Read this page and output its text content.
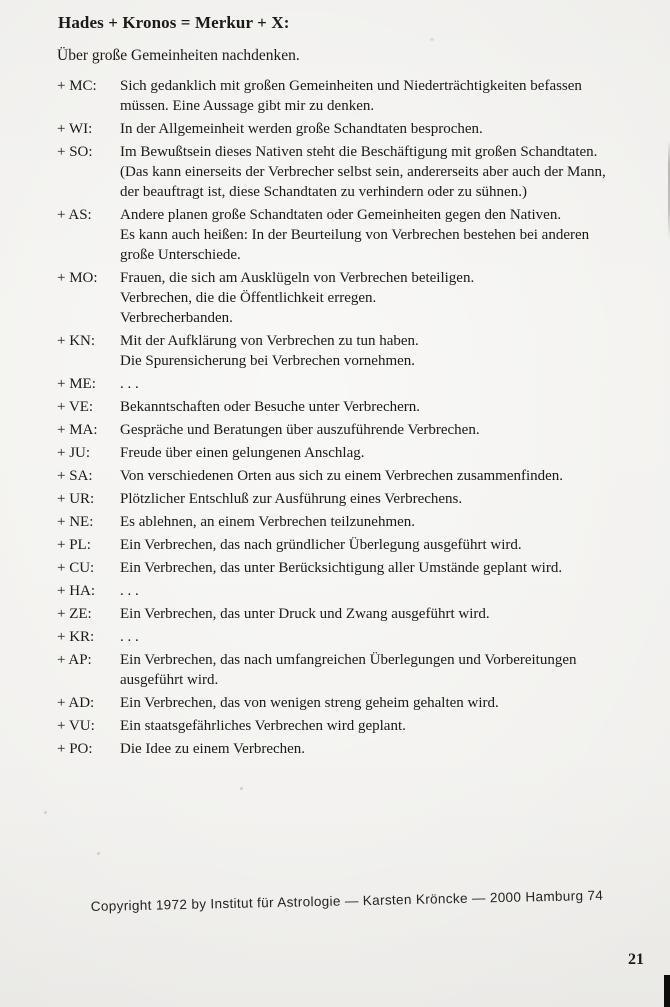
Hades + Kronos = Merkur + X:

Über große Gemeinheiten nachdenken.

+ MC:	Sich gedanklich mit großen Gemeinheiten und Niederträchtigkeiten befassen
müssen. Eine Aussage gibt mir zu denken.
+ WI:	In der Allgemeinheit werden große Schandtaten besprochen.
+ SO:	Im Bewußtsein dieses Nativen steht die Beschäftigung mit großen Schandtaten.
(Das kann einerseits der Verbrecher selbst sein, andererseits aber auch der Mann,
der beauftragt ist, diese Schandtaten zu verhindern oder zu sühnen.)
+ AS:	Andere planen große Schandtaten oder Gemeinheiten gegen den Nativen.
Es kann auch heißen: In der Beurteilung von Verbrechen bestehen bei anderen
große Unterschiede.
+ MO:	Frauen, die sich am Ausklügeln von Verbrechen beteiligen.
Verbrechen, die die Öffentlichkeit erregen.
Verbrecherbanden.
+ KN:	Mit der Aufklärung von Verbrechen zu tun haben.
Die Spurensicherung bei Verbrechen vornehmen.
+ ME:	. . .
+ VE:	Bekanntschaften oder Besuche unter Verbrechern.
+ MA:	Gespräche und Beratungen über auszuführende Verbrechen.
+ JU:	Freude über einen gelungenen Anschlag.
+ SA:	Von verschiedenen Orten aus sich zu einem Verbrechen zusammenfinden.
+ UR:	Plötzlicher Entschluß zur Ausführung eines Verbrechens.
+ NE:	Es ablehnen, an einem Verbrechen teilzunehmen.
+ PL:	Ein Verbrechen, das nach gründlicher Überlegung ausgeführt wird.
+ CU:	Ein Verbrechen, das unter Berücksichtigung aller Umstände geplant wird.
+ HA:	. . .
+ ZE:	Ein Verbrechen, das unter Druck und Zwang ausgeführt wird.
+ KR:	. . .
+ AP:	Ein Verbrechen, das nach umfangreichen Überlegungen und Vorbereitungen
ausgeführt wird.
+ AD:	Ein Verbrechen, das von wenigen streng geheim gehalten wird.
+ VU:	Ein staatsgefährliches Verbrechen wird geplant.
+ PO:	Die Idee zu einem Verbrechen.
Copyright 1972 by Institut für Astrologie — Karsten Kröncke — 2000 Hamburg 74
21
